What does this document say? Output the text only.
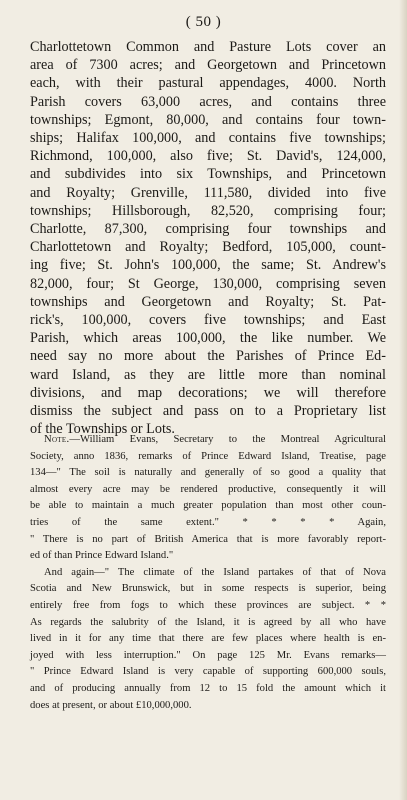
( 50 )
Charlottetown Common and Pasture Lots cover an
area of 7300 acres; and Georgetown and Princetown
each, with their pastural appendages, 4000. North
Parish covers 63,000 acres, and contains three
townships; Egmont, 80,000, and contains four town-
ships; Halifax 100,000, and contains five townships;
Richmond, 100,000, also five; St. David's, 124,000,
and subdivides into six Townships, and Princetown
and Royalty; Grenville, 111,580, divided into five
townships; Hillsborough, 82,520, comprising four;
Charlotte, 87,300, comprising four townships and
Charlottetown and Royalty; Bedford, 105,000, count-
ing five; St. John's 100,000, the same; St. Andrew's
82,000, four; St George, 130,000, comprising seven
townships and Georgetown and Royalty; St. Pat-
rick's, 100,000, covers five townships; and East
Parish, which areas 100,000, the like number. We
need say no more about the Parishes of Prince Ed-
ward Island, as they are little more than nominal
divisions, and map decorations; we will therefore
dismiss the subject and pass on to a Proprietary list
of the Townships or Lots.
Note.—William Evans, Secretary to the Montreal Agricultural
Society, anno 1836, remarks of Prince Edward Island, Treatise, page
134—" The soil is naturally and generally of so good a quality that
almost every acre may be rendered productive, consequently it will
be able to maintain a much greater population than most other coun-
tries of the same extent." * * * * Again,
" There is no part of British America that is more favorably report-
ed of than Prince Edward Island."
And again—" The climate of the Island partakes of that of Nova
Scotia and New Brunswick, but in some respects is superior, being
entirely free from fogs to which these provinces are subject. * *
As regards the salubrity of the Island, it is agreed by all who have
lived in it for any time that there are few places where health is en-
joyed with less interruption." On page 125 Mr. Evans remarks—
" Prince Edward Island is very capable of supporting 600,000 souls,
and of producing annually from 12 to 15 fold the amount which it
does at present, or about £10,000,000.
